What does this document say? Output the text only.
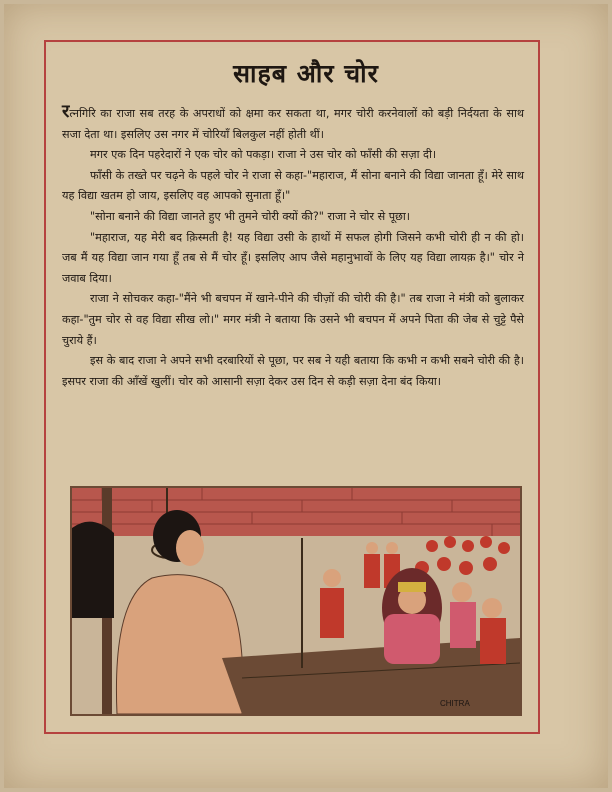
साहब और चोर

रत्नगिरि का राजा सब तरह के अपराधों को क्षमा कर सकता था, मगर चोरी करनेवालों को बड़ी निर्दयता के साथ सजा देता था। इसलिए उस नगर में चोरियाँ बिलकुल नहीं होती थीं।

मगर एक दिन पहरेदारों ने एक चोर को पकड़ा। राजा ने उस चोर को फाँसी की सज़ा दी।

फाँसी के तख्ते पर चढ़ने के पहले चोर ने राजा से कहा-"महाराज, मैं सोना बनाने की विद्या जानता हूँ। मेरे साथ यह विद्या खतम हो जाय, इसलिए वह आपको सुनाता हूँ।"

"सोना बनाने की विद्या जानते हुए भी तुमने चोरी क्यों की?" राजा ने चोर से पूछा।

"महाराज, यह मेरी बद क़िस्मती है! यह विद्या उसी के हाथों में सफल होगी जिसने कभी चोरी ही न की हो। जब मैं यह विद्या जान गया हूँ तब से मैं चोर हूँ। इसलिए आप जैसे महानुभावों के लिए यह विद्या लायक़ है।" चोर ने जवाब दिया।

राजा ने सोचकर कहा-"मैंने भी बचपन में खाने-पीने की चीज़ों की चोरी की है।" तब राजा ने मंत्री को बुलाकर कहा-"तुम चोर से वह विद्या सीख लो।" मगर मंत्री ने बताया कि उसने भी बचपन में अपने पिता की जेब से चुट्टे पैसे चुराये हैं।

इस के बाद राजा ने अपने सभी दरबारियों से पूछा, पर सब ने यही बताया कि कभी न कभी सबने चोरी की है। इसपर राजा की आँखें खुलीं। चोर को आसानी सज़ा देकर उस दिन से कड़ी सज़ा देना बंद किया।

CHITRA
